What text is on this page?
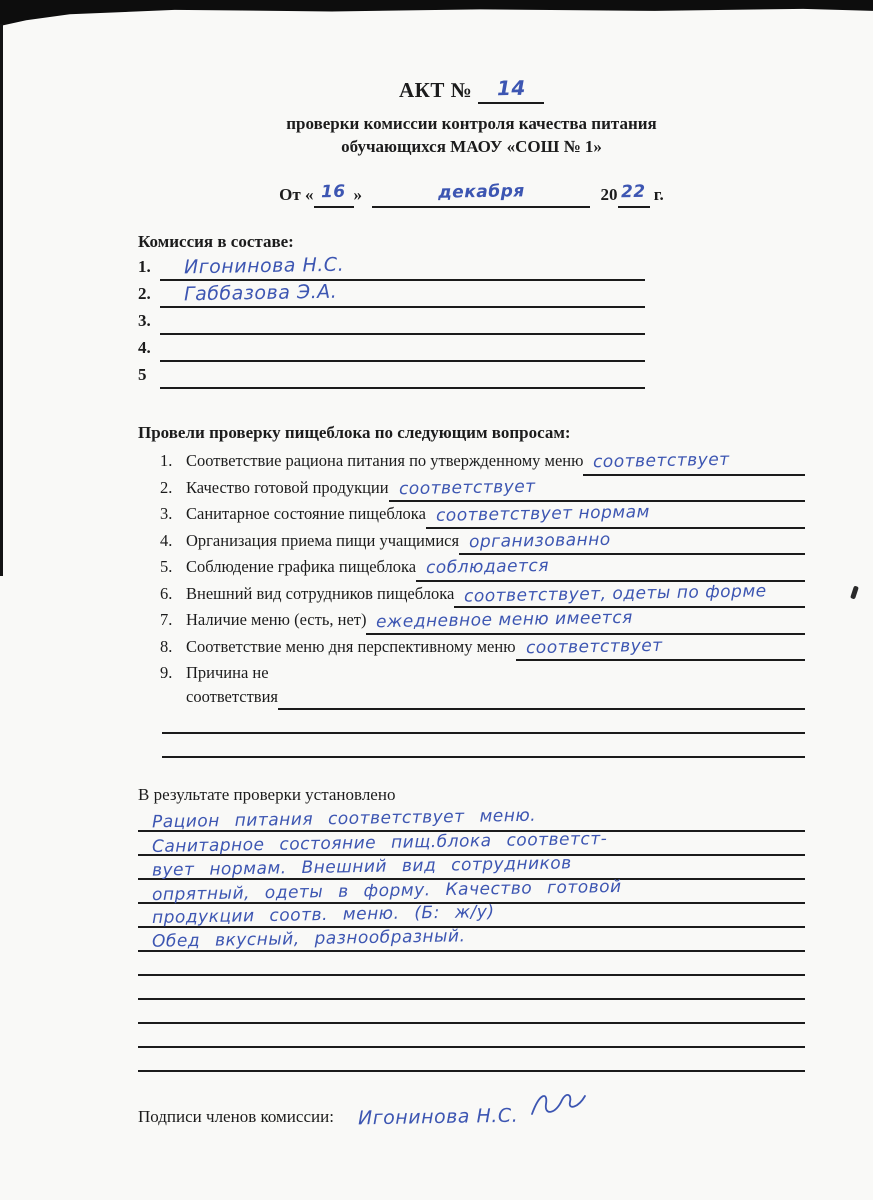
АКТ № 14
проверки комиссии контроля качества питания
обучающихся МАОУ «СОШ № 1»
От « 16 »	декабря	20 22 г.
Комиссия в составе:
1.	Игонинова Н.С.
2.	Габбазова Э.А.
3.
4.
5
Провели проверку пищеблока по следующим вопросам:
1. Соответствие рациона питания по утвержденному меню соответствует
2. Качество готовой продукции соответствует
3. Санитарное состояние пищеблока соответствует нормам
4. Организация приема пищи учащимися организованно
5. Соблюдение графика пищеблока соблюдается
6. Внешний вид сотрудников пищеблока соответствует, одеты по форме
7. Наличие меню (есть, нет) ежедневное меню имеется
8. Соответствие меню дня перспективному меню соответствует
9. Причина не
соответствия
В результате проверки установлено
Рацион питания соответствует меню.
Санитарное состояние пищ.блока соответст-
вует нормам. Внешний вид сотрудников
опрятный, одеты в форму. Качество готовой
продукции соотв. меню. (Б: ж/у)
Обед вкусный, разнообразный.
Подписи членов комиссии: Игонинова Н.С.
